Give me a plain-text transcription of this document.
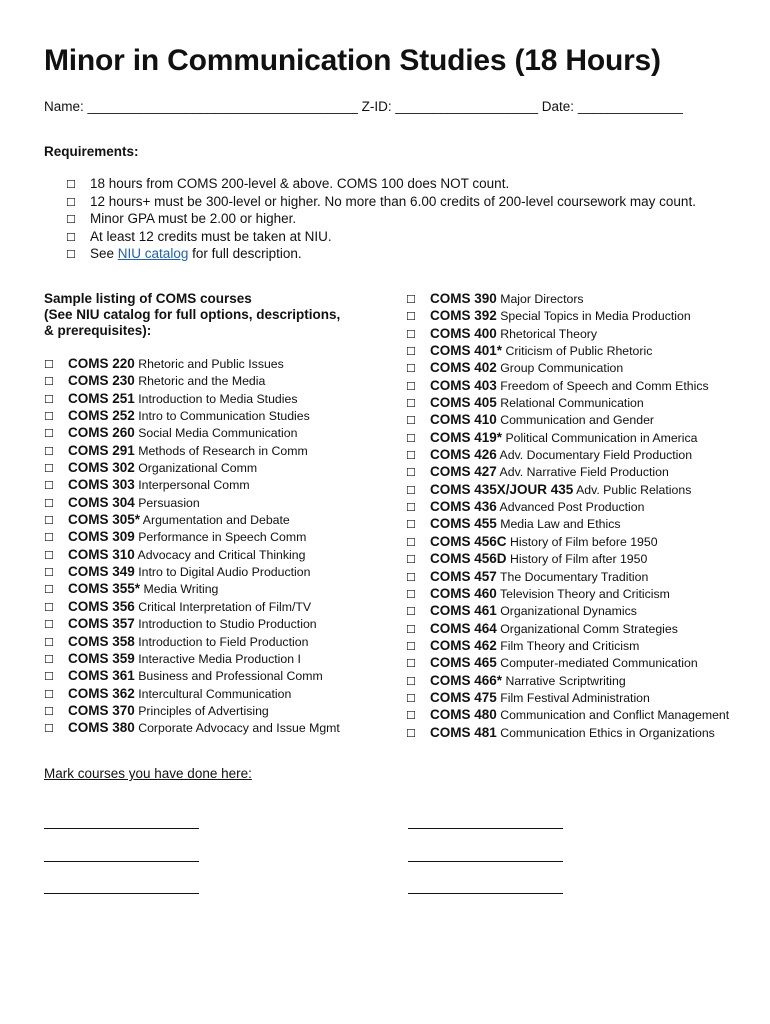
Minor in Communication Studies (18 Hours)
Name: ____________________________________ Z-ID: ___________________ Date: ______________
Requirements:
☐ 18 hours from COMS 200-level & above. COMS 100 does NOT count.
☐ 12 hours+ must be 300-level or higher. No more than 6.00 credits of 200-level coursework may count.
☐ Minor GPA must be 2.00 or higher.
☐ At least 12 credits must be taken at NIU.
☐ See NIU catalog for full description.
Sample listing of COMS courses
(See NIU catalog for full options, descriptions,
& prerequisites):
☐ COMS 220 Rhetoric and Public Issues
☐ COMS 230 Rhetoric and the Media
☐ COMS 251 Introduction to Media Studies
☐ COMS 252 Intro to Communication Studies
☐ COMS 260 Social Media Communication
☐ COMS 291 Methods of Research in Comm
☐ COMS 302 Organizational Comm
☐ COMS 303 Interpersonal Comm
☐ COMS 304 Persuasion
☐ COMS 305* Argumentation and Debate
☐ COMS 309 Performance in Speech Comm
☐ COMS 310 Advocacy and Critical Thinking
☐ COMS 349 Intro to Digital Audio Production
☐ COMS 355* Media Writing
☐ COMS 356 Critical Interpretation of Film/TV
☐ COMS 357 Introduction to Studio Production
☐ COMS 358 Introduction to Field Production
☐ COMS 359 Interactive Media Production I
☐ COMS 361 Business and Professional Comm
☐ COMS 362 Intercultural Communication
☐ COMS 370 Principles of Advertising
☐ COMS 380 Corporate Advocacy and Issue Mgmt
☐ COMS 390 Major Directors
☐ COMS 392 Special Topics in Media Production
☐ COMS 400 Rhetorical Theory
☐ COMS 401* Criticism of Public Rhetoric
☐ COMS 402 Group Communication
☐ COMS 403 Freedom of Speech and Comm Ethics
☐ COMS 405 Relational Communication
☐ COMS 410 Communication and Gender
☐ COMS 419* Political Communication in America
☐ COMS 426 Adv. Documentary Field Production
☐ COMS 427 Adv. Narrative Field Production
☐ COMS 435X/JOUR 435 Adv. Public Relations
☐ COMS 436 Advanced Post Production
☐ COMS 455 Media Law and Ethics
☐ COMS 456C History of Film before 1950
☐ COMS 456D History of Film after 1950
☐ COMS 457 The Documentary Tradition
☐ COMS 460 Television Theory and Criticism
☐ COMS 461 Organizational Dynamics
☐ COMS 464 Organizational Comm Strategies
☐ COMS 462 Film Theory and Criticism
☐ COMS 465 Computer-mediated Communication
☐ COMS 466* Narrative Scriptwriting
☐ COMS 475 Film Festival Administration
☐ COMS 480 Communication and Conflict Management
☐ COMS 481 Communication Ethics in Organizations
Mark courses you have done here:
